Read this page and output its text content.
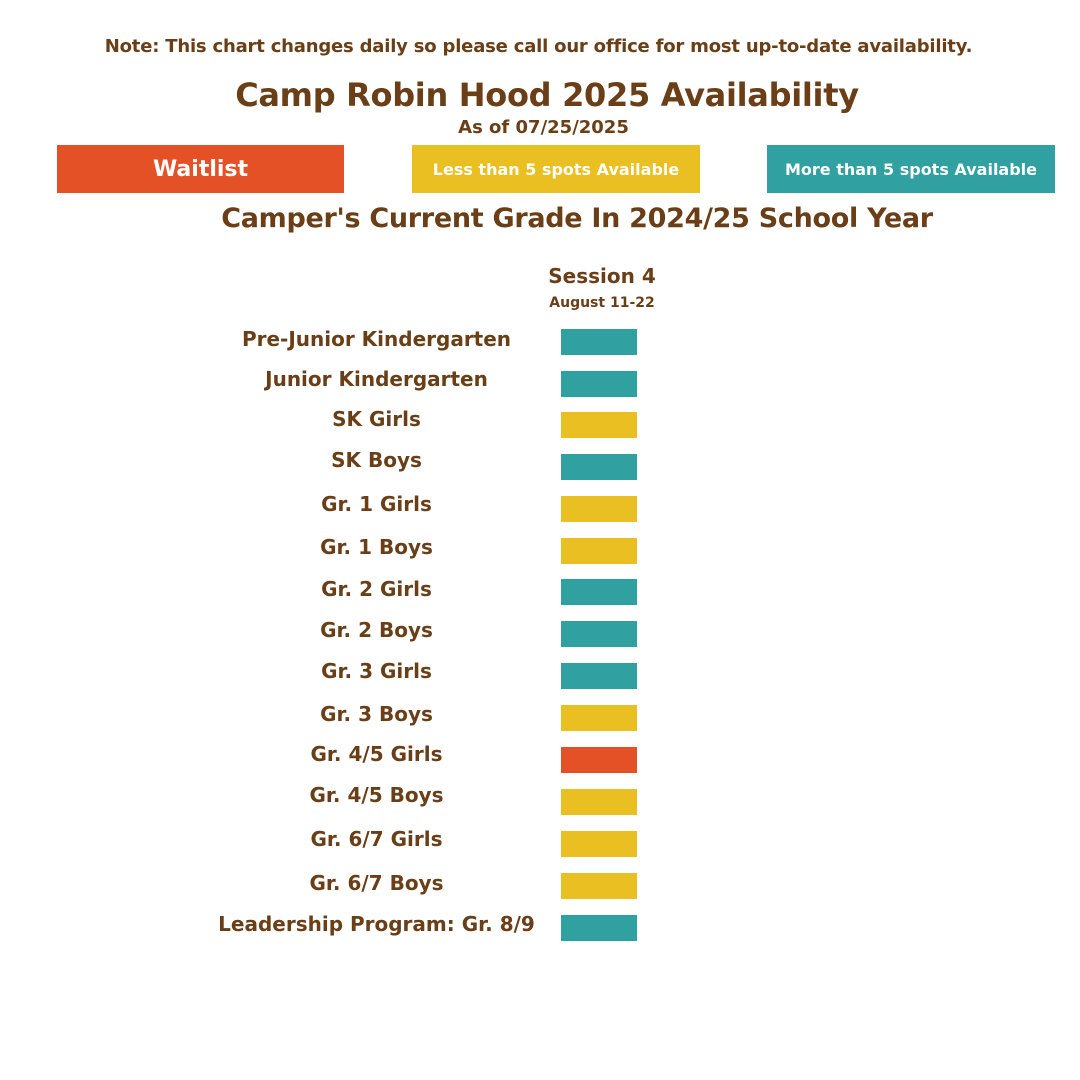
Note: This chart changes daily so please call our office for most up-to-date availability.
Camp Robin Hood 2025 Availability
As of 07/25/2025
Waitlist	Less than 5 spots Available	More than 5 spots Available
Camper's Current Grade In 2024/25 School Year
Session 4
August 11-22
Pre-Junior Kindergarten
Junior Kindergarten
SK Girls
SK Boys
Gr. 1 Girls
Gr. 1 Boys
Gr. 2 Girls
Gr. 2 Boys
Gr. 3 Girls
Gr. 3 Boys
Gr. 4/5 Girls
Gr. 4/5 Boys
Gr. 6/7 Girls
Gr. 6/7 Boys
Leadership Program: Gr. 8/9
